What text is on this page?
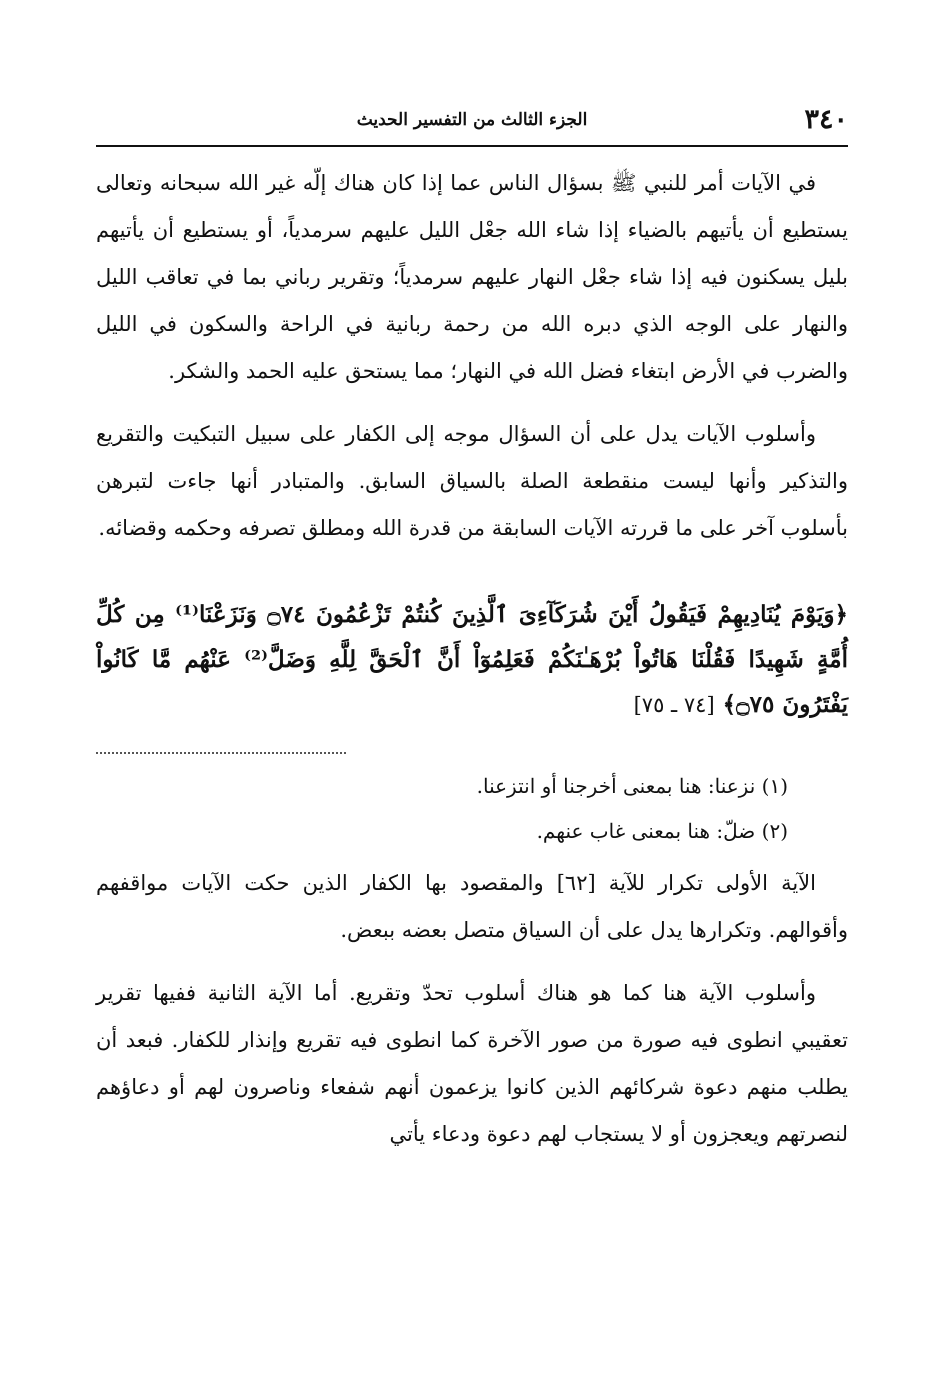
٣٤٠
الجزء الثالث من التفسير الحديث

في الآيات أمر للنبي ﷺ بسؤال الناس عما إذا كان هناك إلّه غير الله سبحانه وتعالى يستطيع أن يأتيهم بالضياء إذا شاء الله جعْل الليل عليهم سرمدياً، أو يستطيع أن يأتيهم بليل يسكنون فيه إذا شاء جعْل النهار عليهم سرمدياً؛ وتقرير رباني بما في تعاقب الليل والنهار على الوجه الذي دبره الله من رحمة ربانية في الراحة والسكون في الليل والضرب في الأرض ابتغاء فضل الله في النهار؛ مما يستحق عليه الحمد والشكر.

وأسلوب الآيات يدل على أن السؤال موجه إلى الكفار على سبيل التبكيت والتقريع والتذكير وأنها ليست منقطعة الصلة بالسياق السابق. والمتبادر أنها جاءت لتبرهن بأسلوب آخر على ما قررته الآيات السابقة من قدرة الله ومطلق تصرفه وحكمه وقضائه.

﴿وَيَوْمَ يُنَادِيهِمْ فَيَقُولُ أَيْنَ شُرَكَآءِىَ ٱلَّذِينَ كُنتُمْ تَزْعُمُونَ ۝٧٤ وَنَزَعْنَا⁽¹⁾ مِن كُلِّ أُمَّةٍ شَهِيدًا فَقُلْنَا هَاتُواْ بُرْهَـٰنَكُمْ فَعَلِمُوٓاْ أَنَّ ٱلْحَقَّ لِلَّهِ وَضَلَّ⁽²⁾ عَنْهُم مَّا كَانُواْ يَفْتَرُونَ ۝٧٥﴾ [٧٤ ـ ٧٥]

(١) نزعنا: هنا بمعنى أخرجنا أو انتزعنا.

(٢) ضلّ: هنا بمعنى غاب عنهم.

الآية الأولى تكرار للآية [٦٢] والمقصود بها الكفار الذين حكت الآيات مواقفهم وأقوالهم. وتكرارها يدل على أن السياق متصل بعضه ببعض.

وأسلوب الآية هنا كما هو هناك أسلوب تحدّ وتقريع. أما الآية الثانية ففيها تقرير تعقيبي انطوى فيه صورة من صور الآخرة كما انطوى فيه تقريع وإنذار للكفار. فبعد أن يطلب منهم دعوة شركائهم الذين كانوا يزعمون أنهم شفعاء وناصرون لهم أو دعاؤهم لنصرتهم ويعجزون أو لا يستجاب لهم دعوة ودعاء يأتي
